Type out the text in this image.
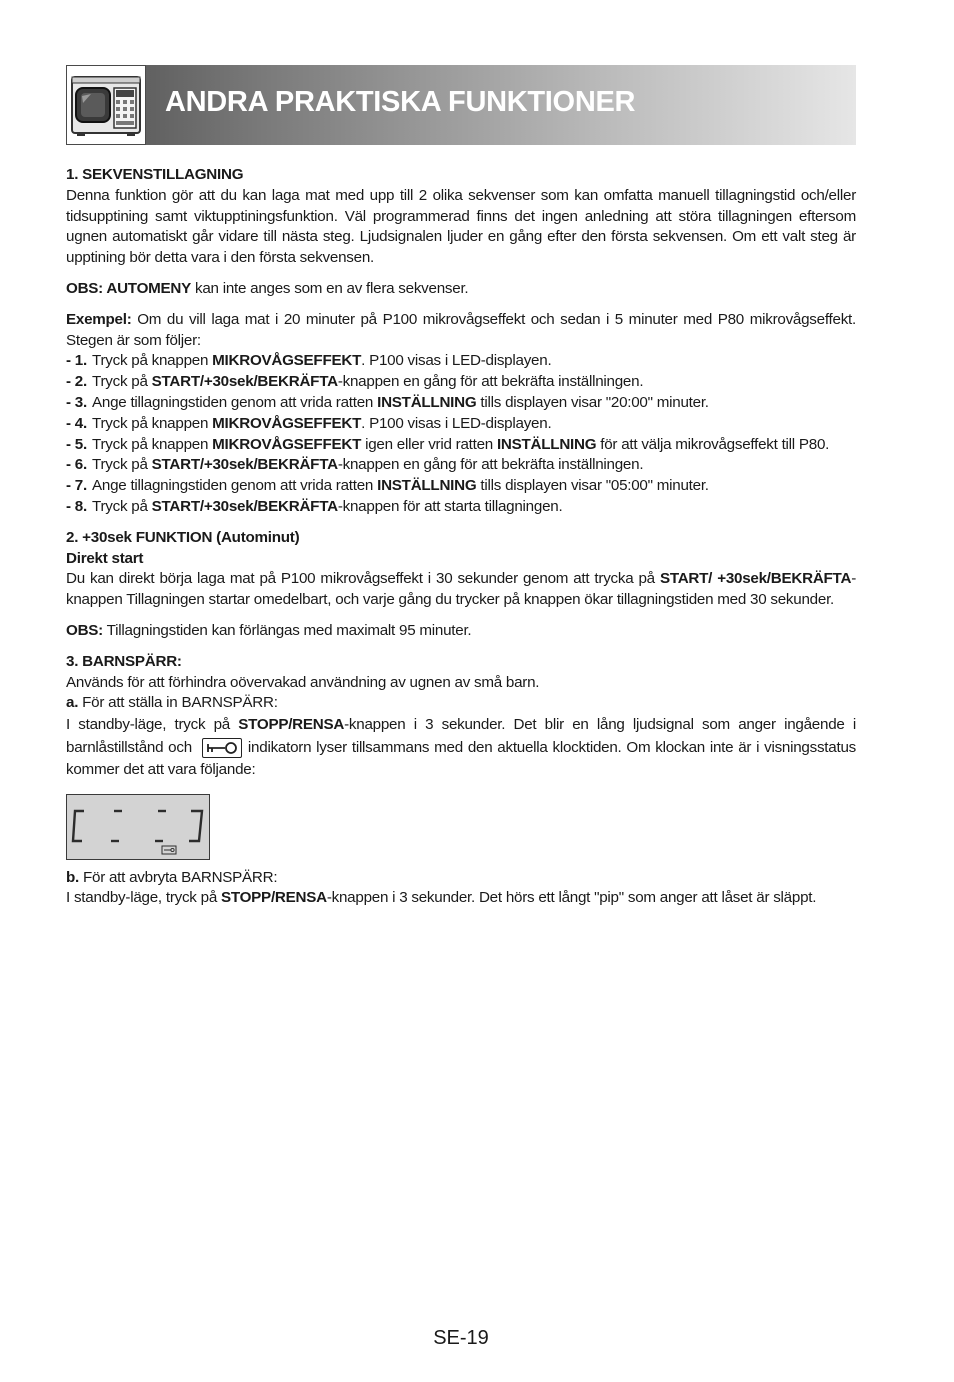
ANDRA PRAKTISKA FUNKTIONER

1. SEKVENSTILLAGNING

Denna funktion gör att du kan laga mat med upp till 2 olika sekvenser som kan omfatta manuell tillagningstid och/eller tidsupptining samt viktupptiningsfunktion. Väl programmerad finns det ingen anledning att störa tillagningen eftersom ugnen automatiskt går vidare till nästa steg. Ljudsignalen ljuder en gång efter den första sekvensen. Om ett valt steg är upptining bör detta vara i den första sekvensen.

OBS: AUTOMENY kan inte anges som en av flera sekvenser.

Exempel: Om du vill laga mat i 20 minuter på P100 mikrovågseffekt och sedan i 5 minuter med P80 mikrovågseffekt. Stegen är som följer:

- 1. Tryck på knappen MIKROVÅGSEFFEKT. P100 visas i LED-displayen.

- 2. Tryck på START/+30sek/BEKRÄFTA-knappen en gång för att bekräfta inställningen.

- 3. Ange tillagningstiden genom att vrida ratten INSTÄLLNING tills displayen visar "20:00" minuter.

- 4. Tryck på knappen MIKROVÅGSEFFEKT. P100 visas i LED-displayen.

- 5. Tryck på knappen MIKROVÅGSEFFEKT igen eller vrid ratten INSTÄLLNING för att välja mikrovågseffekt till P80.

- 6. Tryck på START/+30sek/BEKRÄFTA-knappen en gång för att bekräfta inställningen.

- 7. Ange tillagningstiden genom att vrida ratten INSTÄLLNING tills displayen visar "05:00" minuter.

- 8. Tryck på START/+30sek/BEKRÄFTA-knappen för att starta tillagningen.

2. +30sek FUNKTION (Autominut)

Direkt start

Du kan direkt börja laga mat på P100 mikrovågseffekt i 30 sekunder genom att trycka på START/ +30sek/BEKRÄFTA-knappen Tillagningen startar omedelbart, och varje gång du trycker på knappen ökar tillagningstiden med 30 sekunder.

OBS: Tillagningstiden kan förlängas med maximalt 95 minuter.

3. BARNSPÄRR:

Används för att förhindra oövervakad användning av ugnen av små barn.

a. För att ställa in BARNSPÄRR:

I standby-läge, tryck på STOPP/RENSA-knappen i 3 sekunder. Det blir en lång ljudsignal som anger ingående i barnlåstillstånd och	indikatorn lyser tillsammans med den aktuella klocktiden. Om klockan inte är i visningsstatus kommer det att vara följande:

b. För att avbryta BARNSPÄRR:

I standby-läge, tryck på STOPP/RENSA-knappen i 3 sekunder. Det hörs ett långt "pip" som anger att låset är släppt.

SE-19
